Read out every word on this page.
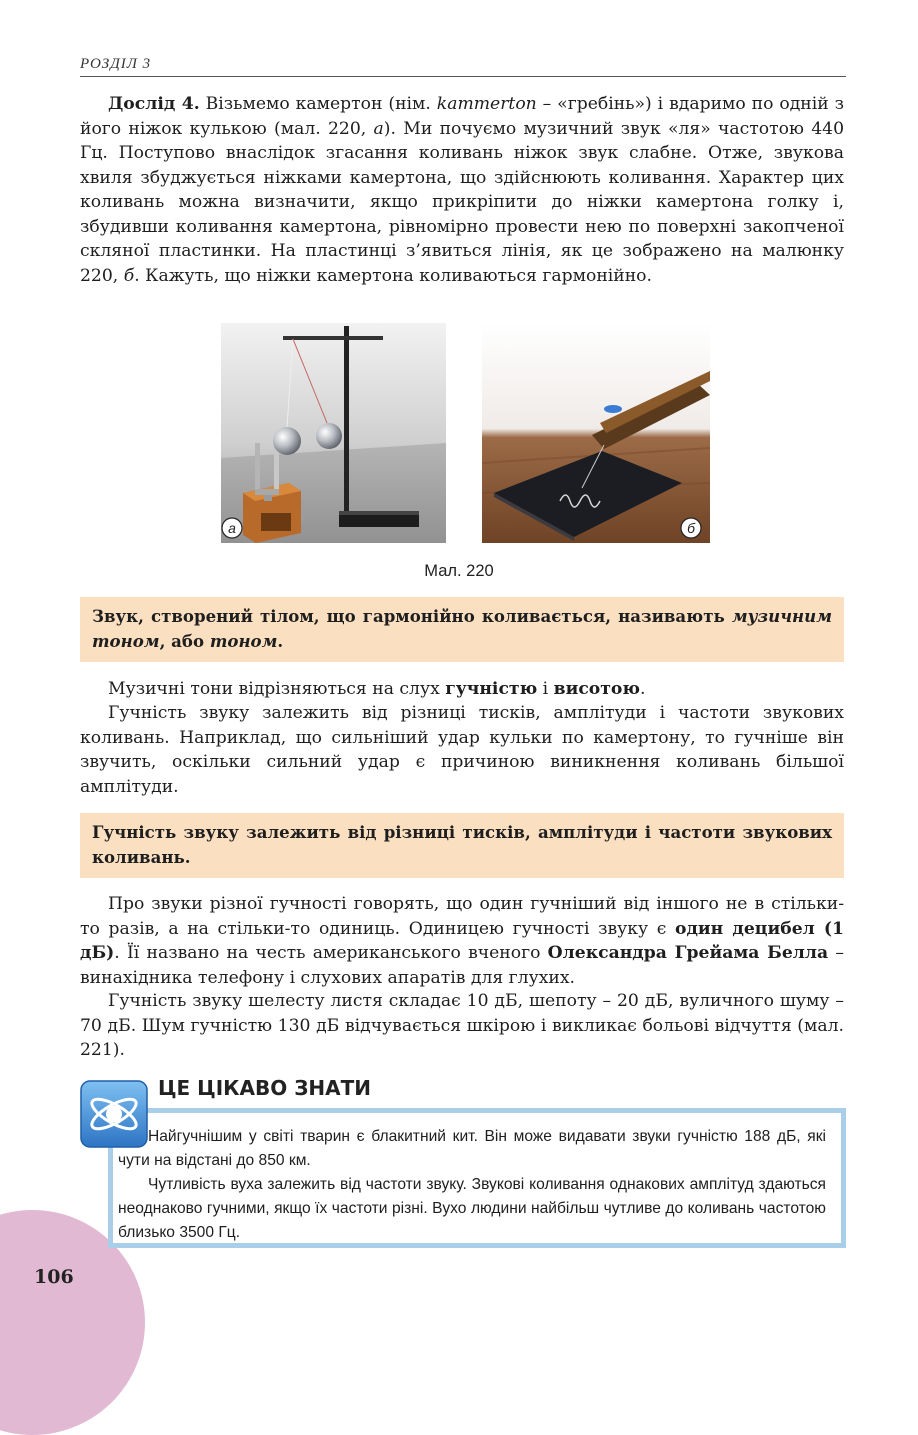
РОЗДІЛ 3

Дослід 4. Візьмемо камертон (нім. kammerton – «гребінь») і вдаримо по одній з його ніжок кулькою (мал. 220, а). Ми почуємо музичний звук «ля» частотою 440 Гц. Поступово внаслідок згасання коливань ніжок звук слабне. Отже, звукова хвиля збуджується ніжками камертона, що здійснюють коливання. Характер цих коливань можна визначити, якщо прикріпити до ніжки камертона голку і, збудивши коливання камертона, рівномірно провести нею по поверхні закопченої скляної пластинки. На пластинці з’явиться лінія, як це зображено на малюнку 220, б. Кажуть, що ніжки камертона коливаються гармонійно.

а	б
Мал. 220
Звук, створений тілом, що гармонійно коливається, називають музичним тоном, або тоном.

Музичні тони відрізняються на слух гучністю і висотою.

Гучність звуку залежить від різниці тисків, амплітуди і частоти звукових коливань. Наприклад, що сильніший удар кульки по камертону, то гучніше він звучить, оскільки сильний удар є причиною виникнення коливань більшої амплітуди.

Гучність звуку залежить від різниці тисків, амплітуди і частоти звукових коливань.

Про звуки різної гучності говорять, що один гучніший від іншого не в стільки-то разів, а на стільки-то одиниць. Одиницею гучності звуку є один децибел (1 дБ). Її названо на честь американського вченого Олександра Грейама Белла – винахідника телефону і слухових апаратів для глухих.

Гучність звуку шелесту листя складає 10 дБ, шепоту – 20 дБ, вуличного шуму – 70 дБ. Шум гучністю 130 дБ відчувається шкірою і викликає больові відчуття (мал. 221).

ЦЕ ЦІКАВО ЗНАТИ
Найгучнішим у світі тварин є блакитний кит. Він може видавати звуки гучністю 188 дБ, які чути на відстані до 850 км.
Чутливість вуха залежить від частоти звуку. Звукові коливання однакових амплітуд здаються неоднаково гучними, якщо їх частоти різні. Вухо людини найбільш чутливе до коливань частотою близько 3500 Гц.
106
